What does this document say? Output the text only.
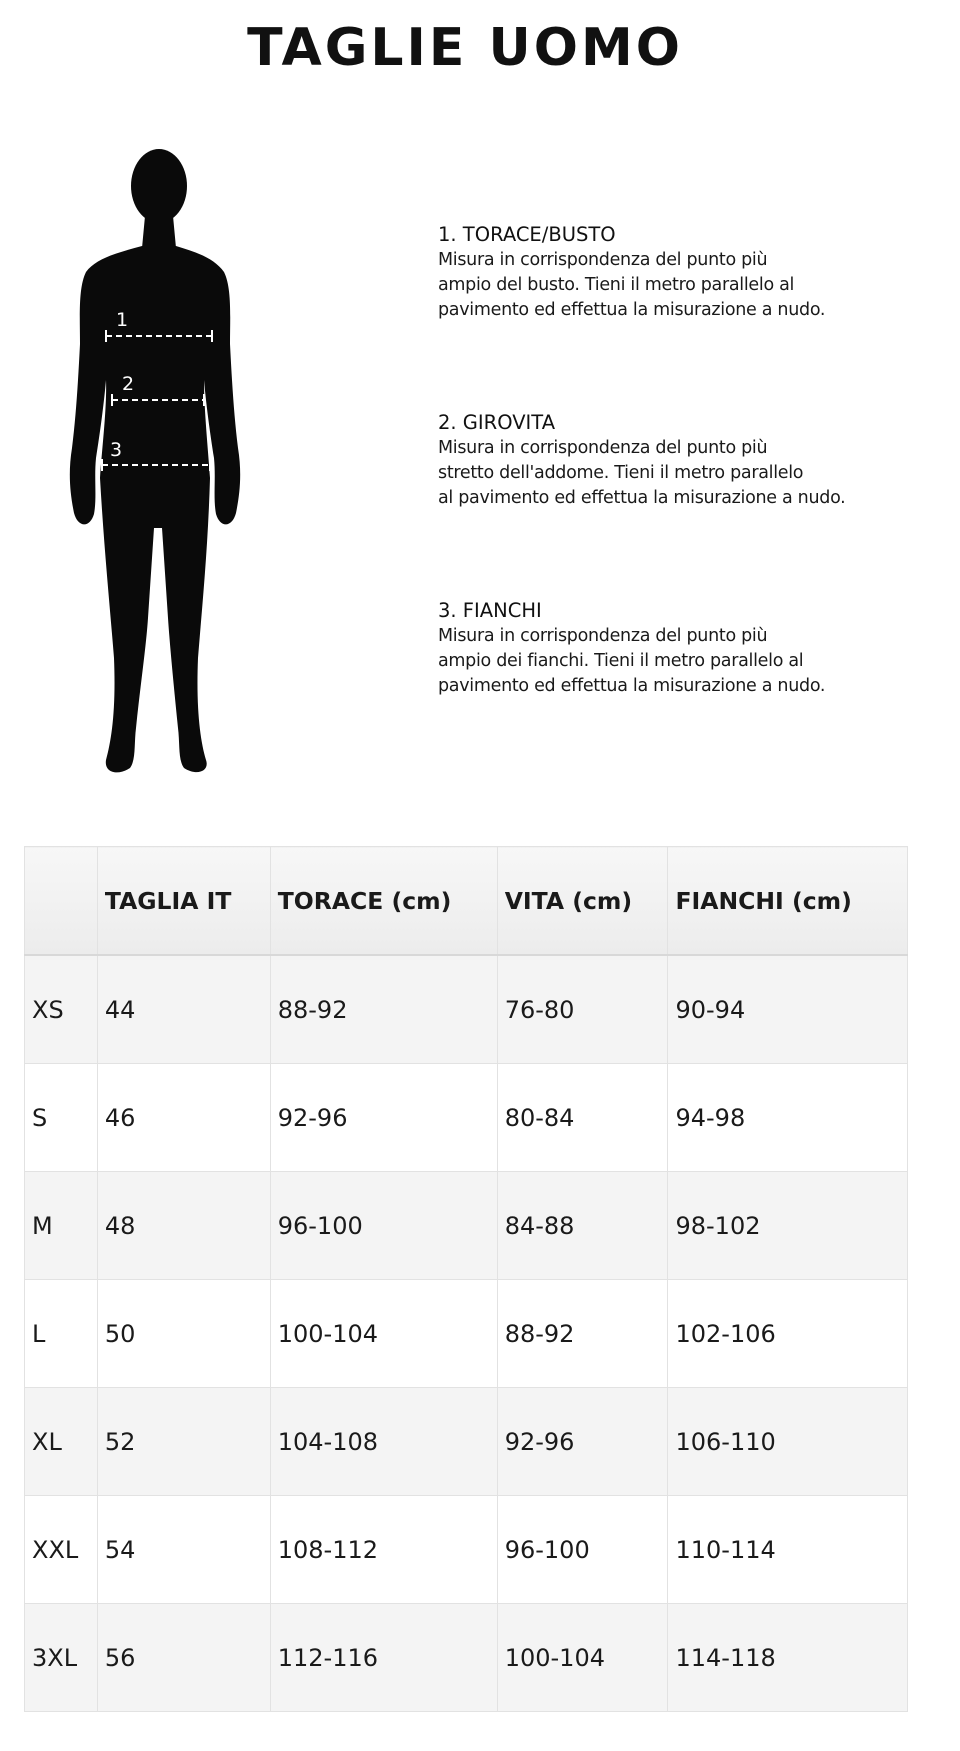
TAGLIE UOMO
1
2
3

1. TORACE/BUSTO
Misura in corrispondenza del punto più
ampio del busto. Tieni il metro parallelo al
pavimento ed effettua la misurazione a nudo.

2. GIROVITA
Misura in corrispondenza del punto più
stretto dell'addome. Tieni il metro parallelo
al pavimento ed effettua la misurazione a nudo.

3. FIANCHI
Misura in corrispondenza del punto più
ampio dei fianchi. Tieni il metro parallelo al
pavimento ed effettua la misurazione a nudo.

	TAGLIA IT	TORACE (cm)	VITA (cm)	FIANCHI (cm)
XS	44	88-92	76-80	90-94
S	46	92-96	80-84	94-98
M	48	96-100	84-88	98-102
L	50	100-104	88-92	102-106
XL	52	104-108	92-96	106-110
XXL	54	108-112	96-100	110-114
3XL	56	112-116	100-104	114-118
